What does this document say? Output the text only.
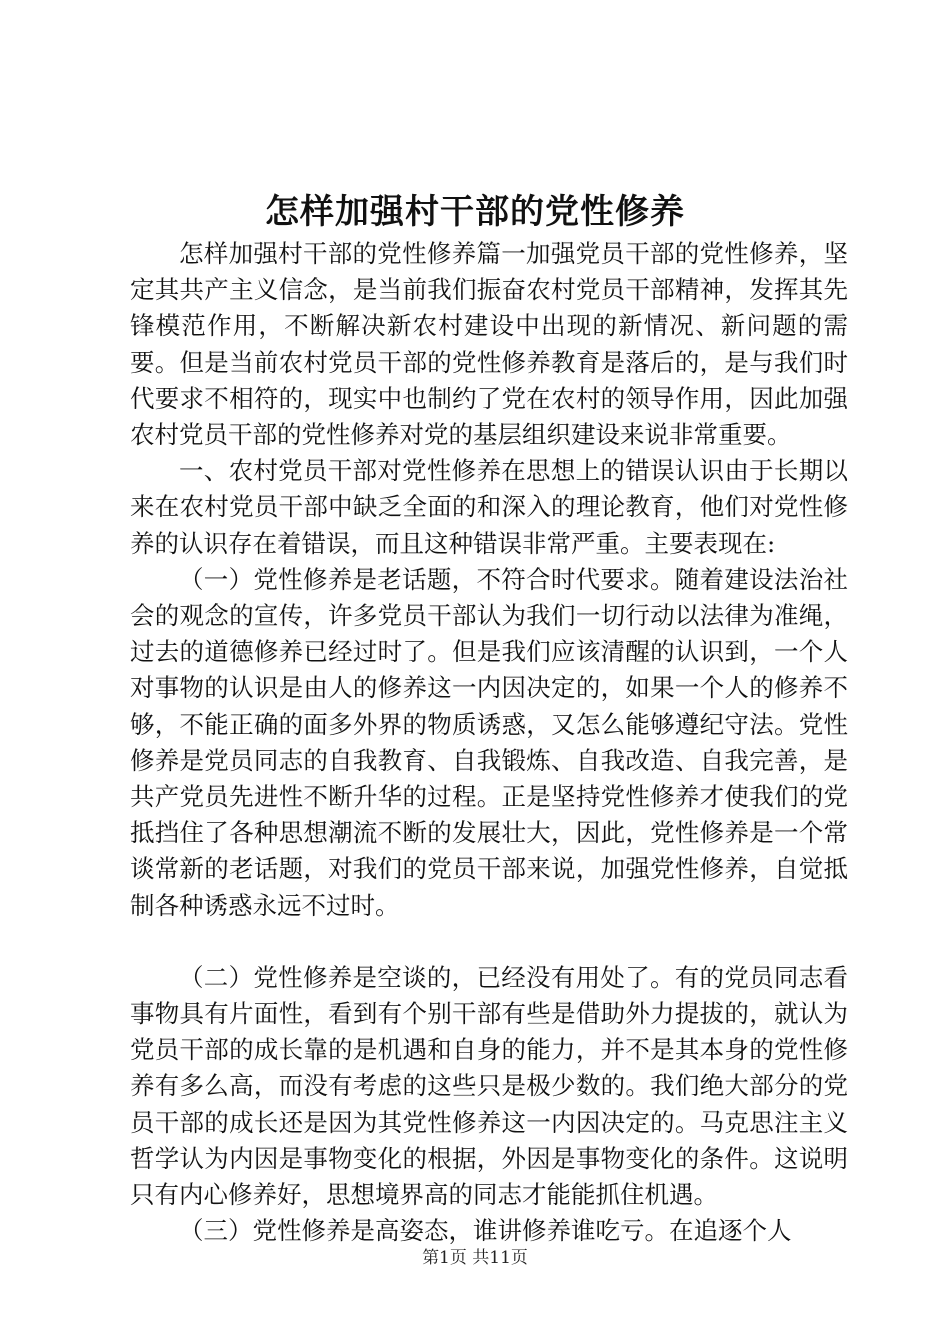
怎样加强村干部的党性修养

怎样加强村干部的党性修养篇一加强党员干部的党性修养，坚定其共产主义信念，是当前我们振奋农村党员干部精神，发挥其先锋模范作用，不断解决新农村建设中出现的新情况、新问题的需要。但是当前农村党员干部的党性修养教育是落后的，是与我们时代要求不相符的，现实中也制约了党在农村的领导作用，因此加强农村党员干部的党性修养对党的基层组织建设来说非常重要。

一、农村党员干部对党性修养在思想上的错误认识由于长期以来在农村党员干部中缺乏全面的和深入的理论教育，他们对党性修养的认识存在着错误，而且这种错误非常严重。主要表现在:

（一）党性修养是老话题，不符合时代要求。随着建设法治社会的观念的宣传，许多党员干部认为我们一切行动以法律为准绳，过去的道德修养已经过时了。但是我们应该清醒的认识到，一个人对事物的认识是由人的修养这一内因决定的，如果一个人的修养不够，不能正确的面多外界的物质诱惑，又怎么能够遵纪守法。党性修养是党员同志的自我教育、自我锻炼、自我改造、自我完善，是共产党员先进性不断升华的过程。正是坚持党性修养才使我们的党抵挡住了各种思想潮流不断的发展壮大，因此，党性修养是一个常谈常新的老话题，对我们的党员干部来说，加强党性修养，自觉抵制各种诱惑永远不过时。

（二）党性修养是空谈的，已经没有用处了。有的党员同志看事物具有片面性，看到有个别干部有些是借助外力提拔的，就认为党员干部的成长靠的是机遇和自身的能力，并不是其本身的党性修养有多么高，而没有考虑的这些只是极少数的。我们绝大部分的党员干部的成长还是因为其党性修养这一内因决定的。马克思注主义哲学认为内因是事物变化的根据，外因是事物变化的条件。这说明只有内心修养好，思想境界高的同志才能能抓住机遇。

（三）党性修养是高姿态，谁讲修养谁吃亏。在追逐个人

第1页 共11页
